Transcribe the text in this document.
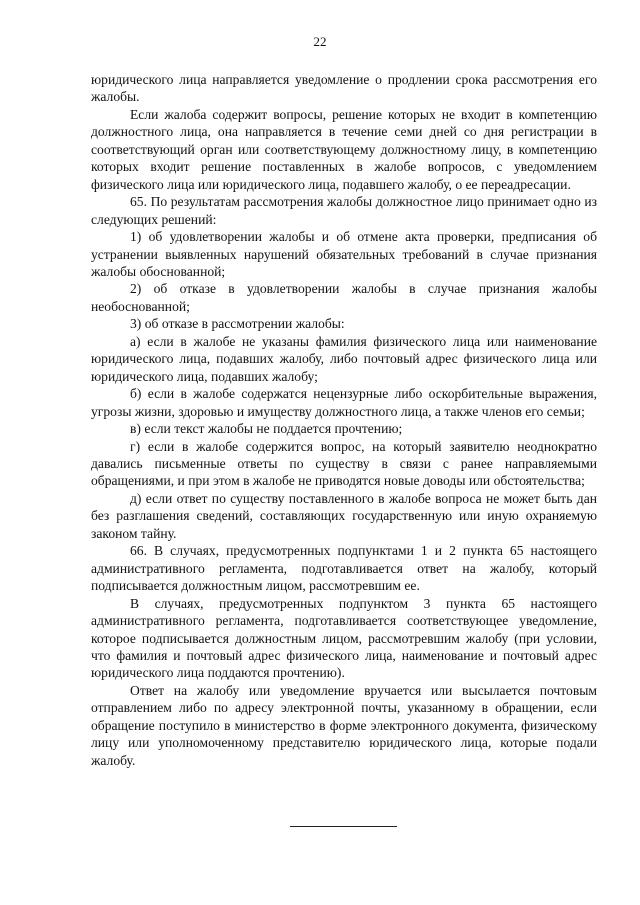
22

юридического лица направляется уведомление о продлении срока рассмотрения его жалобы.

Если жалоба содержит вопросы, решение которых не входит в компетенцию должностного лица, она направляется в течение семи дней со дня регистрации в соответствующий орган или соответствующему должностному лицу, в компетенцию которых входит решение поставленных в жалобе вопросов, с уведомлением физического лица или юридического лица, подавшего жалобу, о ее переадресации.

65. По результатам рассмотрения жалобы должностное лицо принимает одно из следующих решений:

1) об удовлетворении жалобы и об отмене акта проверки, предписания об устранении выявленных нарушений обязательных требований в случае признания жалобы обоснованной;

2) об отказе в удовлетворении жалобы в случае признания жалобы необоснованной;

3) об отказе в рассмотрении жалобы:

а) если в жалобе не указаны фамилия физического лица или наименование юридического лица, подавших жалобу, либо почтовый адрес физического лица или юридического лица, подавших жалобу;

б) если в жалобе содержатся нецензурные либо оскорбительные выражения, угрозы жизни, здоровью и имуществу должностного лица, а также членов его семьи;

в) если текст жалобы не поддается прочтению;

г) если в жалобе содержится вопрос, на который заявителю неоднократно давались письменные ответы по существу в связи с ранее направляемыми обращениями, и при этом в жалобе не приводятся новые доводы или обстоятельства;

д) если ответ по существу поставленного в жалобе вопроса не может быть дан без разглашения сведений, составляющих государственную или иную охраняемую законом тайну.

66. В случаях, предусмотренных подпунктами 1 и 2 пункта 65 настоящего административного регламента, подготавливается ответ на жалобу, который подписывается должностным лицом, рассмотревшим ее.

В случаях, предусмотренных подпунктом 3 пункта 65 настоящего административного регламента, подготавливается соответствующее уведомление, которое подписывается должностным лицом, рассмотревшим жалобу (при условии, что фамилия и почтовый адрес физического лица, наименование и почтовый адрес юридического лица поддаются прочтению).

Ответ на жалобу или уведомление вручается или высылается почтовым отправлением либо по адресу электронной почты, указанному в обращении, если обращение поступило в министерство в форме электронного документа, физическому лицу или уполномоченному представителю юридического лица, которые подали жалобу.
